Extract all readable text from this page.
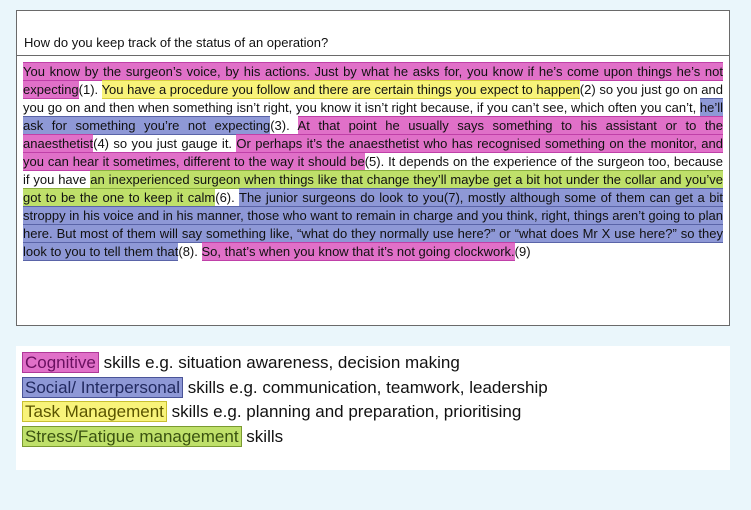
How do you keep track of the status of an operation?
You know by the surgeon’s voice, by his actions. Just by what he asks for, you know if he’s come upon things he’s not expecting(1). You have a procedure you follow and there are certain things you expect to happen(2) so you just go on and you go on and then when something isn’t right, you know it isn’t right because, if you can’t see, which often you can’t, he’ll ask for something you’re not expecting(3). At that point he usually says something to his assistant or to the anaesthetist(4) so you just gauge it. Or perhaps it’s the anaesthetist who has recognised something on the monitor, and you can hear it sometimes, different to the way it should be(5). It depends on the experience of the surgeon too, because if you have an inexperienced surgeon when things like that change they’ll maybe get a bit hot under the collar and you’ve got to be the one to keep it calm(6). The junior surgeons do look to you(7), mostly although some of them can get a bit stroppy in his voice and in his manner, those who want to remain in charge and you think, right, things aren’t going to plan here. But most of them will say something like, “what do they normally use here?” or “what does Mr X use here?” so they look to you to tell them that(8). So, that’s when you know that it’s not going clockwork.(9)
Cognitive skills e.g. situation awareness, decision making
Social/ Interpersonal skills e.g. communication, teamwork, leadership
Task Management skills e.g. planning and preparation, prioritising
Stress/Fatigue management skills
